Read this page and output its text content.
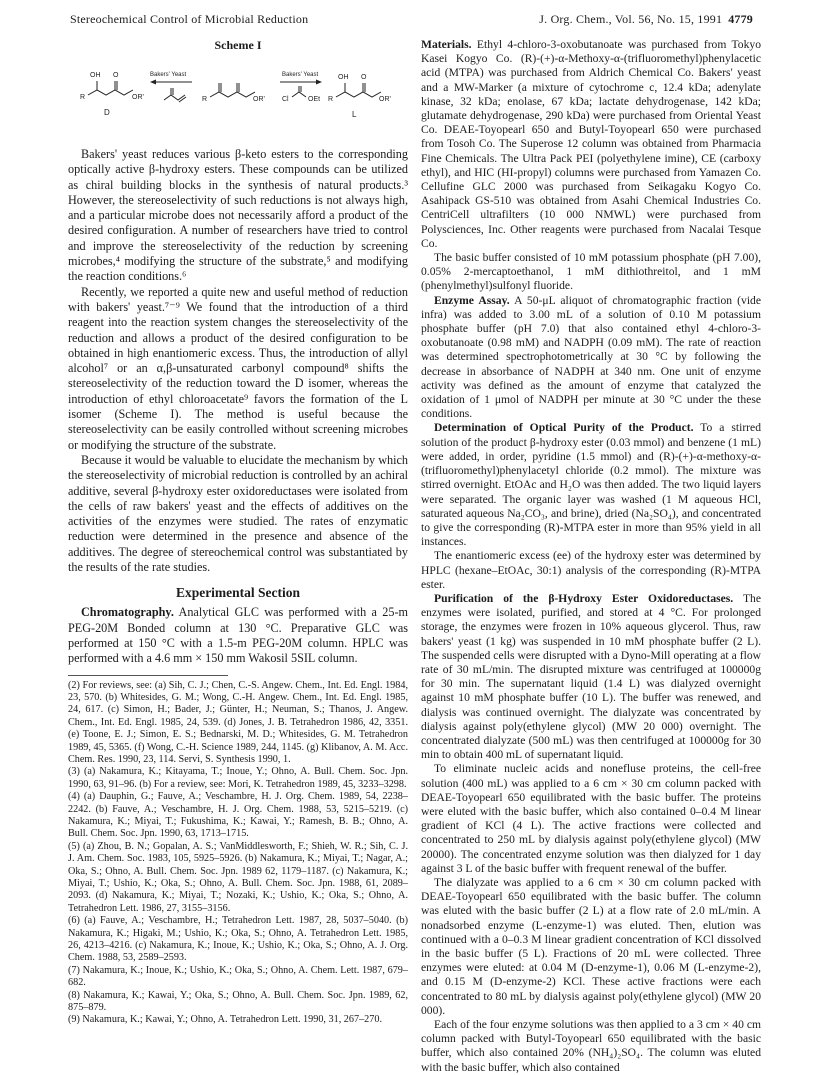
Stereochemical Control of Microbial Reduction	J. Org. Chem., Vol. 56, No. 15, 1991 4779
Scheme I
OH O
R	OR'
D
Bakers' Yeast
R	OR'
Bakers' Yeast
Cl	OEt
OH O
R	OR'
L

Bakers' yeast reduces various β-keto esters to the corresponding optically active β-hydroxy esters. These compounds can be utilized as chiral building blocks in the synthesis of natural products.³ However, the stereoselectivity of such reductions is not always high, and a particular microbe does not necessarily afford a product of the desired configuration. A number of researchers have tried to control and improve the stereoselectivity of the reduction by screening microbes,⁴ modifying the structure of the substrate,⁵ and modifying the reaction conditions.⁶

Recently, we reported a quite new and useful method of reduction with bakers' yeast.⁷⁻⁹ We found that the introduction of a third reagent into the reaction system changes the stereoselectivity of the reduction and allows a product of the desired configuration to be obtained in high enantiomeric excess. Thus, the introduction of allyl alcohol⁷ or an α,β-unsaturated carbonyl compound⁸ shifts the stereoselectivity of the reduction toward the D isomer, whereas the introduction of ethyl chloroacetate⁹ favors the formation of the L isomer (Scheme I). The method is useful because the stereoselectivity can be easily controlled without screening microbes or modifying the structure of the substrate.

Because it would be valuable to elucidate the mechanism by which the stereoselectivity of microbial reduction is controlled by an achiral additive, several β-hydroxy ester oxidoreductases were isolated from the cells of raw bakers' yeast and the effects of additives on the activities of the enzymes were studied. The rates of enzymatic reduction were determined in the presence and absence of the additives. The degree of stereochemical control was substantiated by the results of the rate studies.

Experimental Section

Chromatography. Analytical GLC was performed with a 25-m PEG-20M Bonded column at 130 °C. Preparative GLC was performed at 150 °C with a 1.5-m PEG-20M column. HPLC was performed with a 4.6 mm × 150 mm Wakosil 5SIL column.

(2) For reviews, see: (a) Sih, C. J.; Chen, C.-S. Angew. Chem., Int. Ed. Engl. 1984, 23, 570. (b) Whitesides, G. M.; Wong, C.-H. Angew. Chem., Int. Ed. Engl. 1985, 24, 617. (c) Simon, H.; Bader, J.; Günter, H.; Neuman, S.; Thanos, J. Angew. Chem., Int. Ed. Engl. 1985, 24, 539. (d) Jones, J. B. Tetrahedron 1986, 42, 3351. (e) Toone, E. J.; Simon, E. S.; Bednarski, M. D.; Whitesides, G. M. Tetrahedron 1989, 45, 5365. (f) Wong, C.-H. Science 1989, 244, 1145. (g) Klibanov, A. M. Acc. Chem. Res. 1990, 23, 114. Servi, S. Synthesis 1990, 1.

(3) (a) Nakamura, K.; Kitayama, T.; Inoue, Y.; Ohno, A. Bull. Chem. Soc. Jpn. 1990, 63, 91–96. (b) For a review, see: Mori, K. Tetrahedron 1989, 45, 3233–3298.

(4) (a) Dauphin, G.; Fauve, A.; Veschambre, H. J. Org. Chem. 1989, 54, 2238–2242. (b) Fauve, A.; Veschambre, H. J. Org. Chem. 1988, 53, 5215–5219. (c) Nakamura, K.; Miyai, T.; Fukushima, K.; Kawai, Y.; Ramesh, B. B.; Ohno, A. Bull. Chem. Soc. Jpn. 1990, 63, 1713–1715.

(5) (a) Zhou, B. N.; Gopalan, A. S.; VanMiddlesworth, F.; Shieh, W. R.; Sih, C. J. J. Am. Chem. Soc. 1983, 105, 5925–5926. (b) Nakamura, K.; Miyai, T.; Nagar, A.; Oka, S.; Ohno, A. Bull. Chem. Soc. Jpn. 1989 62, 1179–1187. (c) Nakamura, K.; Miyai, T.; Ushio, K.; Oka, S.; Ohno, A. Bull. Chem. Soc. Jpn. 1988, 61, 2089–2093. (d) Nakamura, K.; Miyai, T.; Nozaki, K.; Ushio, K.; Oka, S.; Ohno, A. Tetrahedron Lett. 1986, 27, 3155–3156.

(6) (a) Fauve, A.; Veschambre, H.; Tetrahedron Lett. 1987, 28, 5037–5040. (b) Nakamura, K.; Higaki, M.; Ushio, K.; Oka, S.; Ohno, A. Tetrahedron Lett. 1985, 26, 4213–4216. (c) Nakamura, K.; Inoue, K.; Ushio, K.; Oka, S.; Ohno, A. J. Org. Chem. 1988, 53, 2589–2593.

(7) Nakamura, K.; Inoue, K.; Ushio, K.; Oka, S.; Ohno, A. Chem. Lett. 1987, 679–682.

(8) Nakamura, K.; Kawai, Y.; Oka, S.; Ohno, A. Bull. Chem. Soc. Jpn. 1989, 62, 875–879.

(9) Nakamura, K.; Kawai, Y.; Ohno, A. Tetrahedron Lett. 1990, 31, 267–270.

Materials. Ethyl 4-chloro-3-oxobutanoate was purchased from Tokyo Kasei Kogyo Co. (R)-(+)-α-Methoxy-α-(trifluoromethyl)phenylacetic acid (MTPA) was purchased from Aldrich Chemical Co. Bakers' yeast and a MW-Marker (a mixture of cytochrome c, 12.4 kDa; adenylate kinase, 32 kDa; enolase, 67 kDa; lactate dehydrogenase, 142 kDa; glutamate dehydrogenase, 290 kDa) were purchased from Oriental Yeast Co. DEAE-Toyopearl 650 and Butyl-Toyopearl 650 were purchased from Tosoh Co. The Superose 12 column was obtained from Pharmacia Fine Chemicals. The Ultra Pack PEI (polyethylene imine), CE (carboxy ethyl), and HIC (HI-propyl) columns were purchased from Yamazen Co. Cellufine GLC 2000 was purchased from Seikagaku Kogyo Co. Asahipack GS-510 was obtained from Asahi Chemical Industries Co. CentriCell ultrafilters (10 000 NMWL) were purchased from Polysciences, Inc. Other reagents were purchased from Nacalai Tesque Co.

The basic buffer consisted of 10 mM potassium phosphate (pH 7.00), 0.05% 2-mercaptoethanol, 1 mM dithiothreitol, and 1 mM (phenylmethyl)sulfonyl fluoride.

Enzyme Assay. A 50-μL aliquot of chromatographic fraction (vide infra) was added to 3.00 mL of a solution of 0.10 M potassium phosphate buffer (pH 7.0) that also contained ethyl 4-chloro-3-oxobutanoate (0.98 mM) and NADPH (0.09 mM). The rate of reaction was determined spectrophotometrically at 30 °C by following the decrease in absorbance of NADPH at 340 nm. One unit of enzyme activity was defined as the amount of enzyme that catalyzed the oxidation of 1 μmol of NADPH per minute at 30 °C under the these conditions.

Determination of Optical Purity of the Product. To a stirred solution of the product β-hydroxy ester (0.03 mmol) and benzene (1 mL) were added, in order, pyridine (1.5 mmol) and (R)-(+)-α-methoxy-α-(trifluoromethyl)phenylacetyl chloride (0.2 mmol). The mixture was stirred overnight. EtOAc and H₂O was then added. The two liquid layers were separated. The organic layer was washed (1 M aqueous HCl, saturated aqueous Na₂CO₃, and brine), dried (Na₂SO₄), and concentrated to give the corresponding (R)-MTPA ester in more than 95% yield in all instances.

The enantiomeric excess (ee) of the hydroxy ester was determined by HPLC (hexane–EtOAc, 30:1) analysis of the corresponding (R)-MTPA ester.

Purification of the β-Hydroxy Ester Oxidoreductases. The enzymes were isolated, purified, and stored at 4 °C. For prolonged storage, the enzymes were frozen in 10% aqueous glycerol. Thus, raw bakers' yeast (1 kg) was suspended in 10 mM phosphate buffer (2 L). The suspended cells were disrupted with a Dyno-Mill operating at a flow rate of 30 mL/min. The disrupted mixture was centrifuged at 100000g for 30 min. The supernatant liquid (1.4 L) was dialyzed overnight against 10 mM phosphate buffer (10 L). The buffer was renewed, and dialysis was continued overnight. The dialyzate was concentrated by dialysis against poly(ethylene glycol) (MW 20 000) overnight. The concentrated dialyzate (500 mL) was then centrifuged at 100000g for 30 min to obtain 400 mL of supernatant liquid.

To eliminate nucleic acids and nonefluse proteins, the cell-free solution (400 mL) was applied to a 6 cm × 30 cm column packed with DEAE-Toyopearl 650 equilibrated with the basic buffer. The proteins were eluted with the basic buffer, which also contained 0–0.4 M linear gradient of KCl (4 L). The active fractions were collected and concentrated to 250 mL by dialysis against poly(ethylene glycol) (MW 20000). The concentrated enzyme solution was then dialyzed for 1 day against 3 L of the basic buffer with frequent renewal of the buffer.

The dialyzate was applied to a 6 cm × 30 cm column packed with DEAE-Toyopearl 650 equilibrated with the basic buffer. The column was eluted with the basic buffer (2 L) at a flow rate of 2.0 mL/min. A nonadsorbed enzyme (L-enzyme-1) was eluted. Then, elution was continued with a 0–0.3 M linear gradient concentration of KCl dissolved in the basic buffer (5 L). Fractions of 20 mL were collected. Three enzymes were eluted: at 0.04 M (D-enzyme-1), 0.06 M (L-enzyme-2), and 0.15 M (D-enzyme-2) KCl. These active fractions were each concentrated to 80 mL by dialysis against poly(ethylene glycol) (MW 20 000).

Each of the four enzyme solutions was then applied to a 3 cm × 40 cm column packed with Butyl-Toyopearl 650 equilibrated with the basic buffer, which also contained 20% (NH₄)₂SO₄. The column was eluted with the basic buffer, which also contained
